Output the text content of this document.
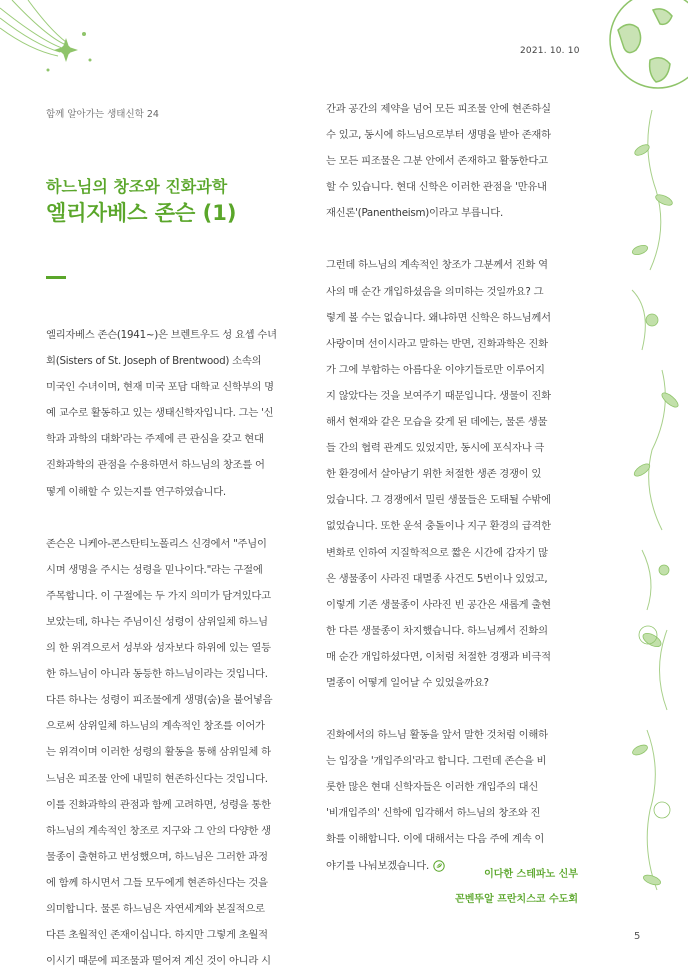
2021. 10. 10
함께 알아가는 생태신학 24
하느님의 창조와 진화과학
엘리자베스 존슨 (1)

엘리자베스 존슨(1941~)은 브렌트우드 성 요셉 수녀
회(Sisters of St. Joseph of Brentwood) 소속의
미국인 수녀이며, 현재 미국 포담 대학교 신학부의 명
예 교수로 활동하고 있는 생태신학자입니다. 그는 '신
학과 과학의 대화'라는 주제에 큰 관심을 갖고 현대
진화과학의 관점을 수용하면서 하느님의 창조를 어
떻게 이해할 수 있는지를 연구하였습니다.

존슨은 니케아-콘스탄티노폴리스 신경에서 "주님이
시며 생명을 주시는 성령을 믿나이다."라는 구절에
주목합니다. 이 구절에는 두 가지 의미가 담겨있다고
보았는데, 하나는 주님이신 성령이 삼위일체 하느님
의 한 위격으로서 성부와 성자보다 하위에 있는 열등
한 하느님이 아니라 동등한 하느님이라는 것입니다.
다른 하나는 성령이 피조물에게 생명(숨)을 불어넣음
으로써 삼위일체 하느님의 계속적인 창조를 이어가
는 위격이며 이러한 성령의 활동을 통해 삼위일체 하
느님은 피조물 안에 내밀히 현존하신다는 것입니다.
이를 진화과학의 관점과 함께 고려하면, 성령을 통한
하느님의 계속적인 창조로 지구와 그 안의 다양한 생
물종이 출현하고 번성했으며, 하느님은 그러한 과정
에 함께 하시면서 그들 모두에게 현존하신다는 것을
의미합니다. 물론 하느님은 자연세계와 본질적으로
다른 초월적인 존재이십니다. 하지만 그렇게 초월적
이시기 때문에 피조물과 떨어져 계신 것이 아니라 시

간과 공간의 제약을 넘어 모든 피조물 안에 현존하실
수 있고, 동시에 하느님으로부터 생명을 받아 존재하
는 모든 피조물은 그분 안에서 존재하고 활동한다고
할 수 있습니다. 현대 신학은 이러한 관점을 '만유내
재신론'(Panentheism)이라고 부릅니다.

그런데 하느님의 계속적인 창조가 그분께서 진화 역
사의 매 순간 개입하셨음을 의미하는 것일까요? 그
렇게 볼 수는 없습니다. 왜냐하면 신학은 하느님께서
사랑이며 선이시라고 말하는 반면, 진화과학은 진화
가 그에 부합하는 아름다운 이야기들로만 이루어지
지 않았다는 것을 보여주기 때문입니다. 생물이 진화
해서 현재와 같은 모습을 갖게 된 데에는, 물론 생물
들 간의 협력 관계도 있었지만, 동시에 포식자나 극
한 환경에서 살아남기 위한 처절한 생존 경쟁이 있
었습니다. 그 경쟁에서 밀린 생물들은 도태될 수밖에
없었습니다. 또한 운석 충돌이나 지구 환경의 급격한
변화로 인하여 지질학적으로 짧은 시간에 갑자기 많
은 생물종이 사라진 대멸종 사건도 5번이나 있었고,
이렇게 기존 생물종이 사라진 빈 공간은 새롭게 출현
한 다른 생물종이 차지했습니다. 하느님께서 진화의
매 순간 개입하셨다면, 이처럼 처절한 경쟁과 비극적
멸종이 어떻게 일어날 수 있었을까요?

진화에서의 하느님 활동을 앞서 말한 것처럼 이해하
는 입장을 '개입주의'라고 합니다. 그런데 존슨을 비
롯한 많은 현대 신학자들은 이러한 개입주의 대신
'비개입주의' 신학에 입각해서 하느님의 창조와 진
화를 이해합니다. 이에 대해서는 다음 주에 계속 이
야기를 나눠보겠습니다.

이다한 스테파노 신부
꼰벤뚜알 프란치스코 수도회
5
